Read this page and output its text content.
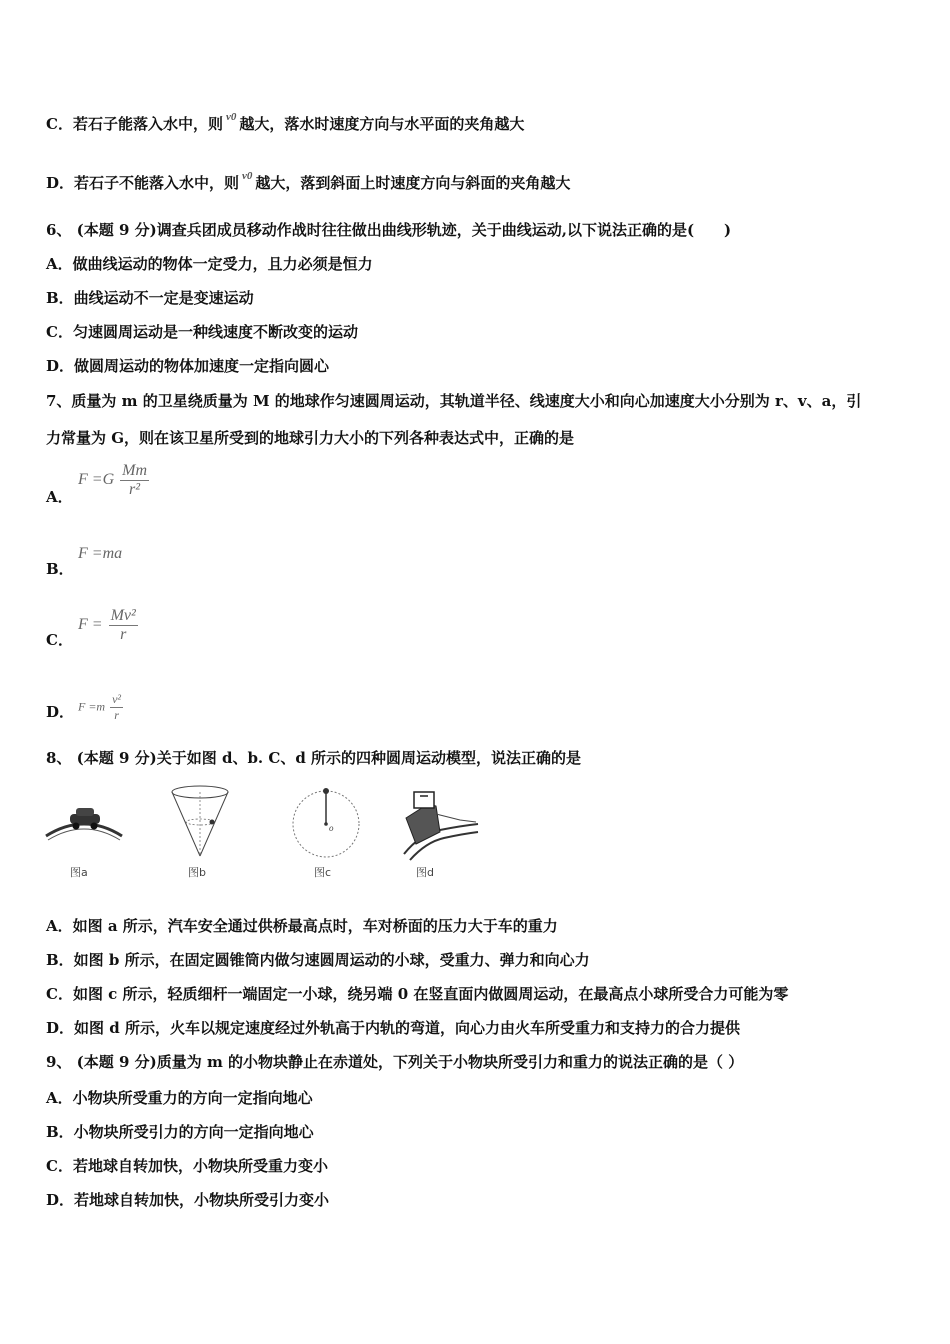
C．若石子能落入水中，则 $^{v0}$ 越大，落水时速度方向与水平面的夹角越大
D．若石子不能落入水中，则 $^{v0}$ 越大，落到斜面上时速度方向与斜面的夹角越大
6、 (本题 9 分)调查兵团成员移动作战时往往做出曲线形轨迹，关于曲线运动,以下说法正确的是(　　)
A．做曲线运动的物体一定受力，且力必须是恒力
B．曲线运动不一定是变速运动
C．匀速圆周运动是一种线速度不断改变的运动
D．做圆周运动的物体加速度一定指向圆心
7、质量为 m 的卫星绕质量为 M 的地球作匀速圆周运动，其轨道半径、线速度大小和向心加速度大小分别为 r、v、a，引
力常量为 G，则在该卫星所受到的地球引力大小的下列各种表达式中，正确的是
A．
$F =G \frac{Mm}{\text{r²}}$
B．
F =ma
C．
$F = \frac{\text{Mv²}}{r}$
D． $F =m \frac{\text{v²}}{r}$
8、 (本题 9 分)关于如图 d、b. C、d 所示的四种圆周运动模型，说法正确的是
图a	图b
o
图c	图d
A．如图 a 所示，汽车安全通过供桥最高点时，车对桥面的压力大于车的重力
B．如图 b 所示，在固定圆锥筒内做匀速圆周运动的小球，受重力、弹力和向心力
C．如图 c 所示，轻质细杆一端固定一小球，绕另端 0 在竖直面内做圆周运动，在最高点小球所受合力可能为零
D．如图 d 所示，火车以规定速度经过外轨高于内轨的弯道，向心力由火车所受重力和支持力的合力提供
9、 (本题 9 分)质量为 m 的小物块静止在赤道处，下列关于小物块所受引力和重力的说法正确的是（ ）
A．小物块所受重力的方向一定指向地心
B．小物块所受引力的方向一定指向地心
C．若地球自转加快，小物块所受重力变小
D．若地球自转加快，小物块所受引力变小
